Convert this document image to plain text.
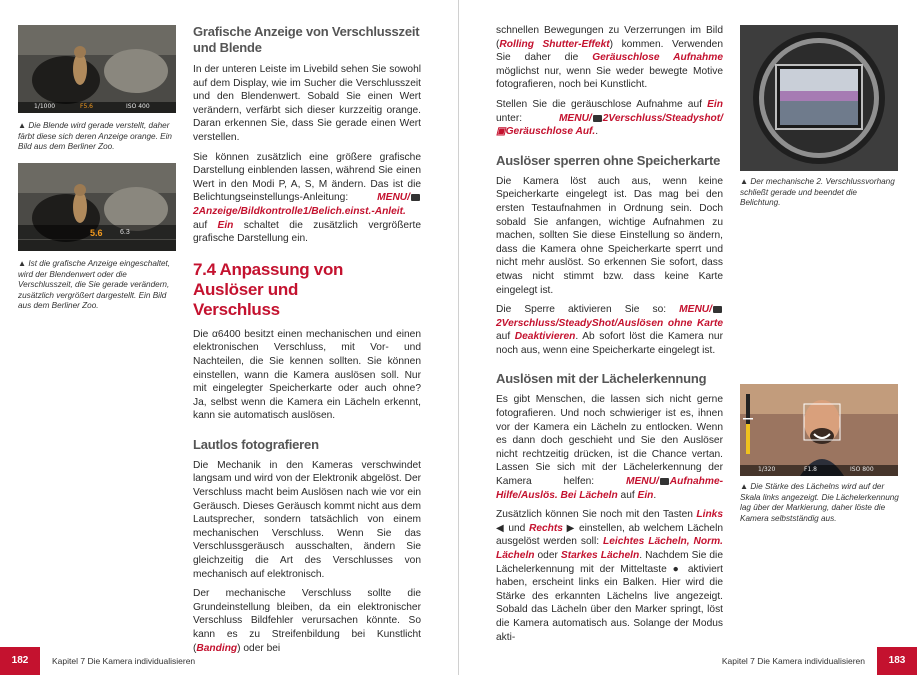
1/1000	F5.6	ISO 400
▲ Die Blende wird gerade verstellt, daher färbt diese sich deren Anzeige orange. Ein Bild aus dem Berliner Zoo.
5.6 6.3
▲ Ist die grafische Anzeige eingeschaltet, wird der Blendenwert oder die Verschlusszeit, die Sie gerade verändern, zusätzlich vergrößert dargestellt. Ein Bild aus dem Berliner Zoo.
Grafische Anzeige von Verschlusszeit und Blende

In der unteren Leiste im Livebild sehen Sie sowohl auf dem Display, wie im Sucher die Verschlusszeit und den Blendenwert. Sobald Sie einen Wert verändern, verfärbt sich dieser kurzzeitig orange. Daran erkennen Sie, dass Sie gerade einen Wert verstellen.

Sie können zusätzlich eine größere grafische Darstellung einblenden lassen, während Sie einen Wert in den Modi P, A, S, M ändern. Das ist die Belichtungseinstellungs-Anleitung: MENU/2Anzeige/Bildkontrolle1/Belich.einst.-Anleit. auf Ein schaltet die zusätzlich vergrößerte grafische Darstellung ein.

7.4 Anpassung von Auslöser und Verschluss

Die α6400 besitzt einen mechanischen und einen elektronischen Verschluss, mit Vor- und Nachteilen, die Sie kennen sollten. Sie können einstellen, wann die Kamera auslösen soll. Nur mit eingelegter Speicherkarte oder auch ohne? Ja, selbst wenn die Kamera ein Lächeln erkennt, kann sie automatisch auslösen.

Lautlos fotografieren

Die Mechanik in den Kameras verschwindet langsam und wird von der Elektronik abgelöst. Der Verschluss macht beim Auslösen nach wie vor ein Geräusch. Dieses Geräusch kommt nicht aus dem Lautsprecher, sondern tatsächlich von einem mechanischen Verschluss. Wenn Sie das Verschlussgeräusch ausschalten, ändern Sie gleichzeitig die Art des Verschlusses von mechanisch auf elektronisch.

Der mechanische Verschluss sollte die Grundeinstellung bleiben, da ein elektronischer Verschluss Bildfehler verursachen könnte. So kann es zu Streifenbildung bei Kunstlicht (Banding) oder bei

182	Kapitel 7 Die Kamera individualisieren

schnellen Bewegungen zu Verzerrungen im Bild (Rolling Shutter-Effekt) kommen. Verwenden Sie daher die Geräuschlose Aufnahme möglichst nur, wenn Sie weder bewegte Motive fotografieren, noch bei Kunstlicht.

Stellen Sie die geräuschlose Aufnahme auf Ein unter: MENU/ 2Verschluss/Steadyshot/▣Geräuschlose Auf..

Auslöser sperren ohne Speicherkarte

Die Kamera löst auch aus, wenn keine Speicherkarte eingelegt ist. Das mag bei den ersten Testaufnahmen in Ordnung sein. Doch sobald Sie anfangen, wichtige Aufnahmen zu machen, sollten Sie diese Einstellung so ändern, dass die Kamera ohne Speicherkarte sperrt und nicht mehr auslöst. So erkennen Sie sofort, dass etwas nicht stimmt bzw. dass keine Karte eingelegt ist.

Die Sperre aktivieren Sie so: MENU/2Verschluss/SteadyShot/Auslösen ohne Karte auf Deaktivieren. Ab sofort löst die Kamera nur noch aus, wenn eine Speicherkarte eingelegt ist.

Auslösen mit der Lächelerkennung

Es gibt Menschen, die lassen sich nicht gerne fotografieren. Und noch schwieriger ist es, ihnen vor der Kamera ein Lächeln zu entlocken. Wenn es dann doch geschieht und Sie den Auslöser nicht rechtzeitig drücken, ist die Chance vertan. Lassen Sie sich mit der Lächelerkennung der Kamera helfen: MENU/ Aufnahme-Hilfe/Auslös. Bei Lächeln auf Ein.

Zusätzlich können Sie noch mit den Tasten Links ◀ und Rechts ▶ einstellen, ab welchem Lächeln ausgelöst werden soll: Leichtes Lächeln, Norm. Lächeln oder Starkes Lächeln. Nachdem Sie die Lächelerkennung mit der Mitteltaste ● aktiviert haben, erscheint links ein Balken. Hier wird die Stärke des erkannten Lächelns live angezeigt. Sobald das Lächeln über den Marker springt, löst die Kamera automatisch aus. Solange der Modus akti-

▲ Der mechanische 2. Verschlussvorhang schließt gerade und beendet die Belichtung.
1/320	F1.8	ISO 800
▲ Die Stärke des Lächelns wird auf der Skala links angezeigt. Die Lächelerkennung lag über der Markierung, daher löste die Kamera selbstständig aus.
Kapitel 7 Die Kamera individualisieren	183
